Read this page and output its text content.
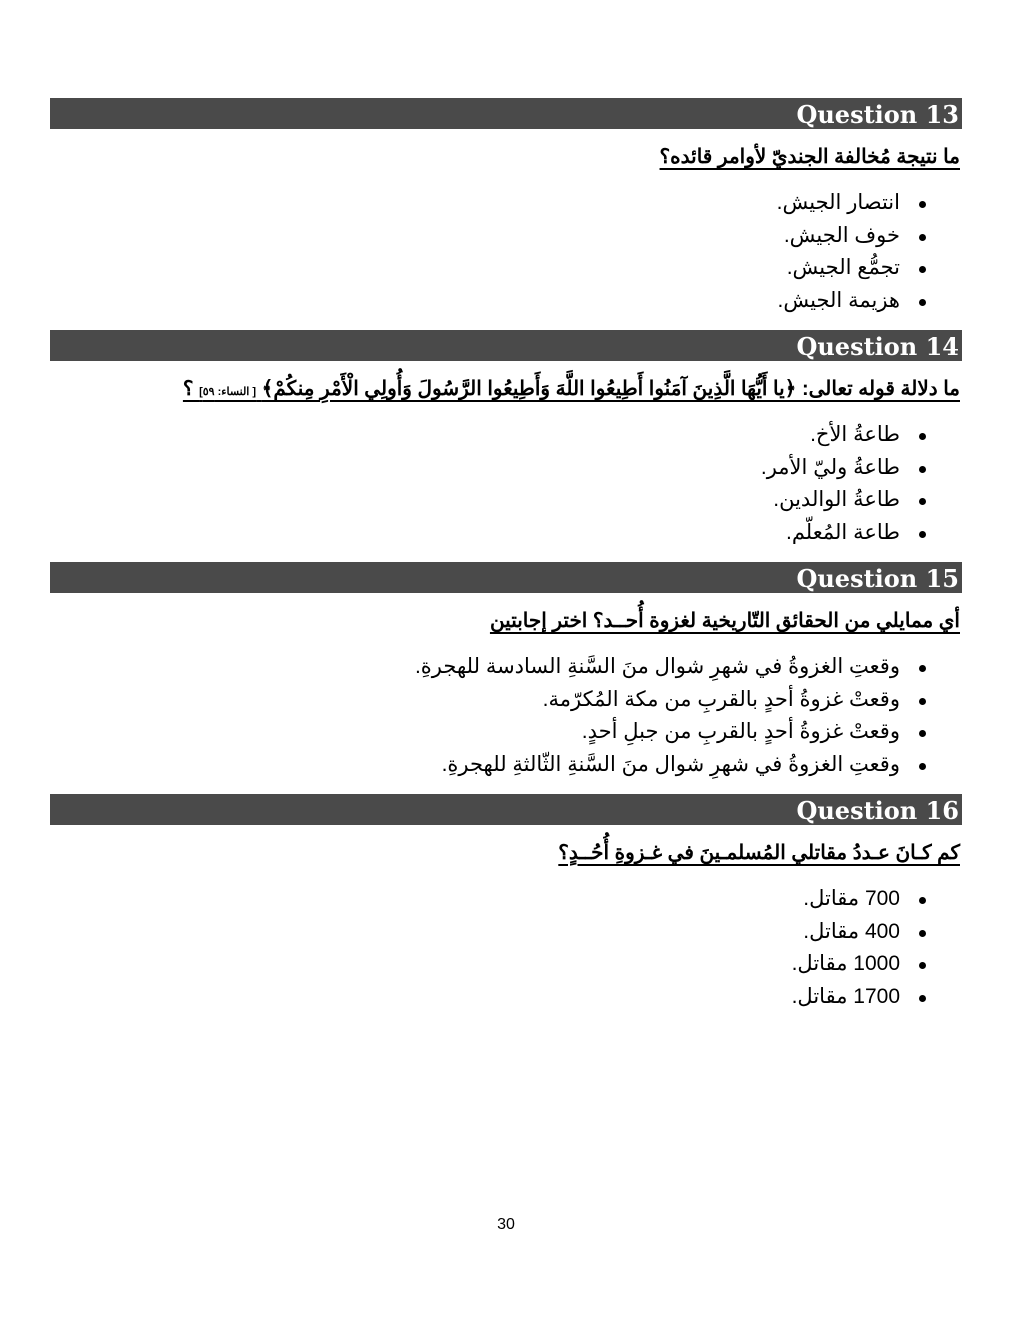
Question 13
ما نتيجة مُخالفة الجنديّ لأوامر قائده؟
انتصار الجيش.
خوف الجيش.
تجمُّع الجيش.
هزيمة الجيش.
Question 14
ما دلالة قوله تعالى: ﴿يا أَيُّهَا الَّذِينَ آمَنُوا أَطِيعُوا اللَّهَ وَأَطِيعُوا الرَّسُولَ وَأُولِي الْأَمْرِ مِنكُمْ﴾ [ النساء: ٥٩] ؟
طاعةُ الأخ.
طاعةُ وليّ الأمر.
طاعةُ الوالدين.
طاعة المُعلّم.
Question 15
أي ممايلي من الحقائق التّاريخية لغزوة أُحــد؟ اختر إجابتين
وقعتِ الغزوةُ في شهرِ شوال منَ السَّنةِ السادسة للهجرةِ.
وقعتْ غزوةُ أحدٍ بالقربِ من مكة المُكرّمة.
وقعتْ غزوةُ أحدٍ بالقربِ من جبلِ أحدٍ.
وقعتِ الغزوةُ في شهرِ شوال منَ السَّنةِ الثّالثةِ للهجرةِ.
Question 16
كم كـانَ عـددُ مقاتلي المُسلمـينَ في غـزوةِ أُحُــدٍ؟
700 مقاتل.
400 مقاتل.
1000 مقاتل.
1700 مقاتل.
30
